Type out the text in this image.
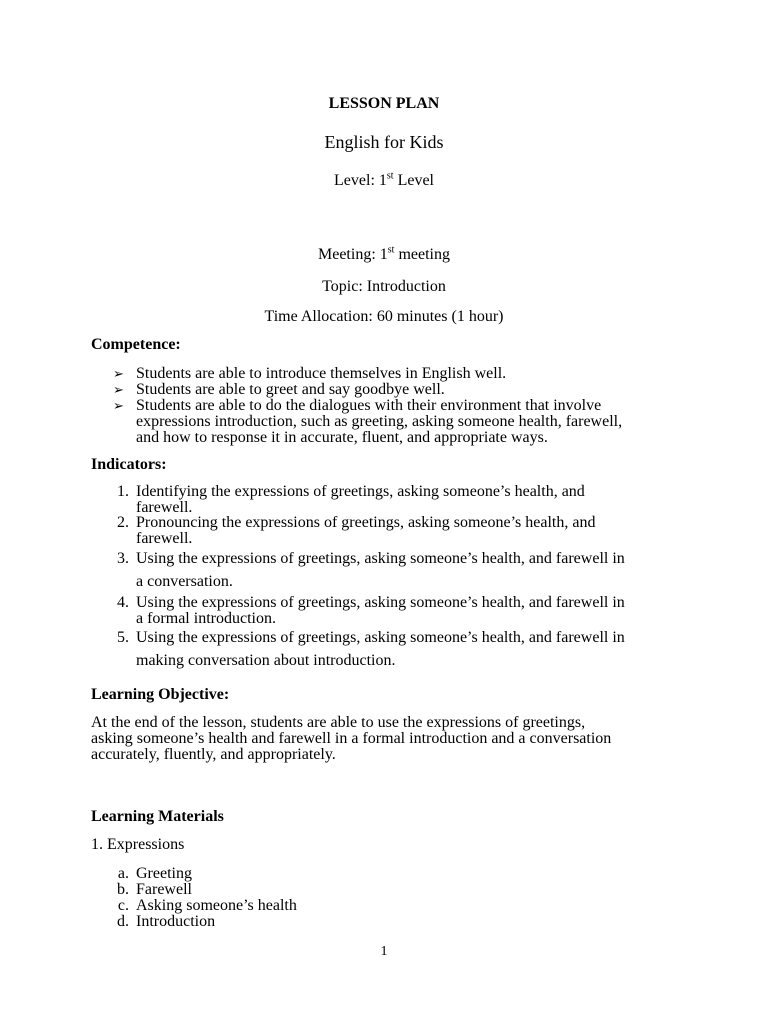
LESSON PLAN
English for Kids
Level: 1st Level
Meeting: 1st meeting
Topic: Introduction
Time Allocation: 60 minutes (1 hour)
Competence:
➢ Students are able to introduce themselves in English well.
➢ Students are able to greet and say goodbye well.
➢ Students are able to do the dialogues with their environment that involve
expressions introduction, such as greeting, asking someone health, farewell,
and how to response it in accurate, fluent, and appropriate ways.
Indicators:
1. Identifying the expressions of greetings, asking someone’s health, and
farewell.
2. Pronouncing the expressions of greetings, asking someone’s health, and
farewell.
3. Using the expressions of greetings, asking someone’s health, and farewell in
a conversation.
4. Using the expressions of greetings, asking someone’s health, and farewell in
a formal introduction.
5. Using the expressions of greetings, asking someone’s health, and farewell in
making conversation about introduction.
Learning Objective:
At the end of the lesson, students are able to use the expressions of greetings,
asking someone’s health and farewell in a formal introduction and a conversation
accurately, fluently, and appropriately.
Learning Materials
1. Expressions
a. Greeting
b. Farewell
c. Asking someone’s health
d. Introduction
1
